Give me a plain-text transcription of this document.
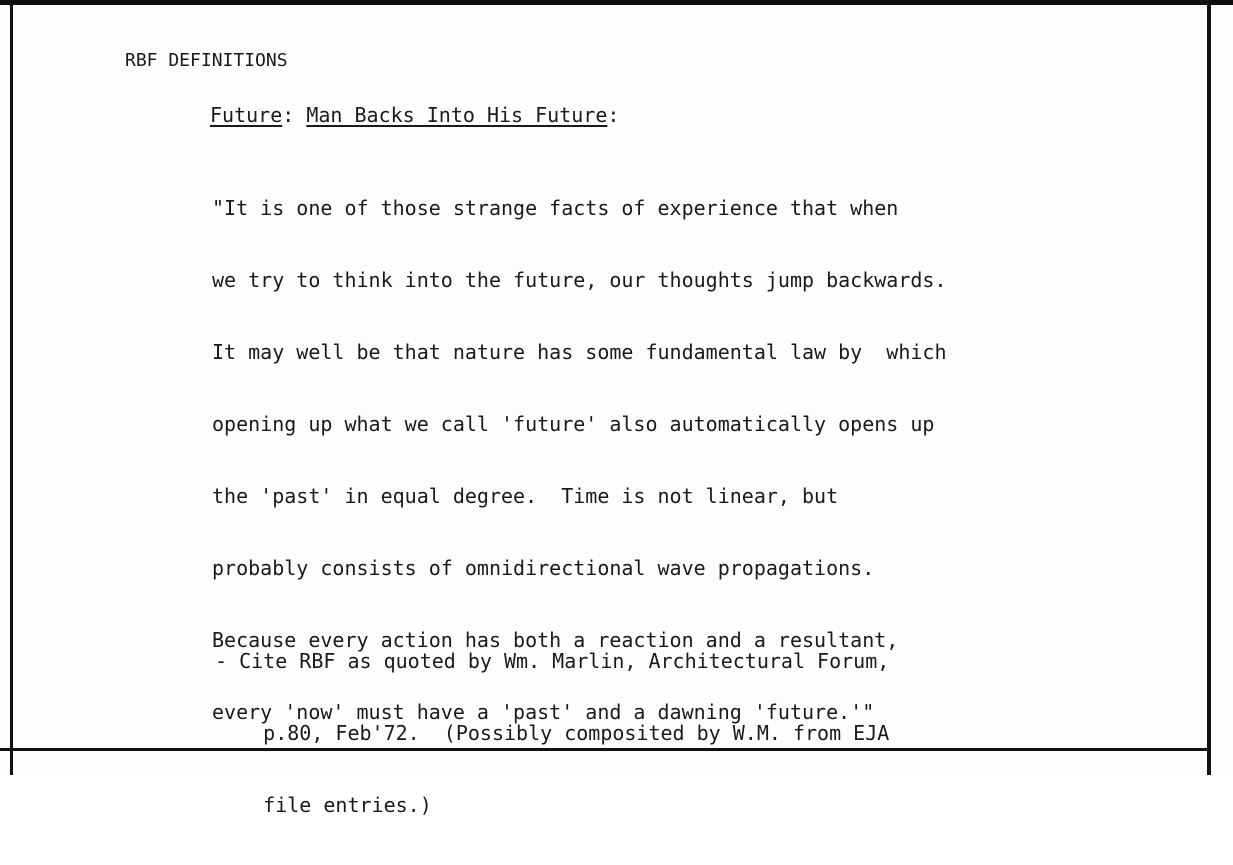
RBF DEFINITIONS
Future: Man Backs Into His Future:

"It is one of those strange facts of experience that when

we try to think into the future, our thoughts jump backwards.

It may well be that nature has some fundamental law by  which

opening up what we call 'future' also automatically opens up

the 'past' in equal degree.  Time is not linear, but

probably consists of omnidirectional wave propagations.

Because every action has both a reaction and a resultant,

every 'now' must have a 'past' and a dawning 'future.'"

- Cite RBF as quoted by Wm. Marlin, Architectural Forum,

p.80, Feb'72.  (Possibly composited by W.M. from EJA

file entries.)
